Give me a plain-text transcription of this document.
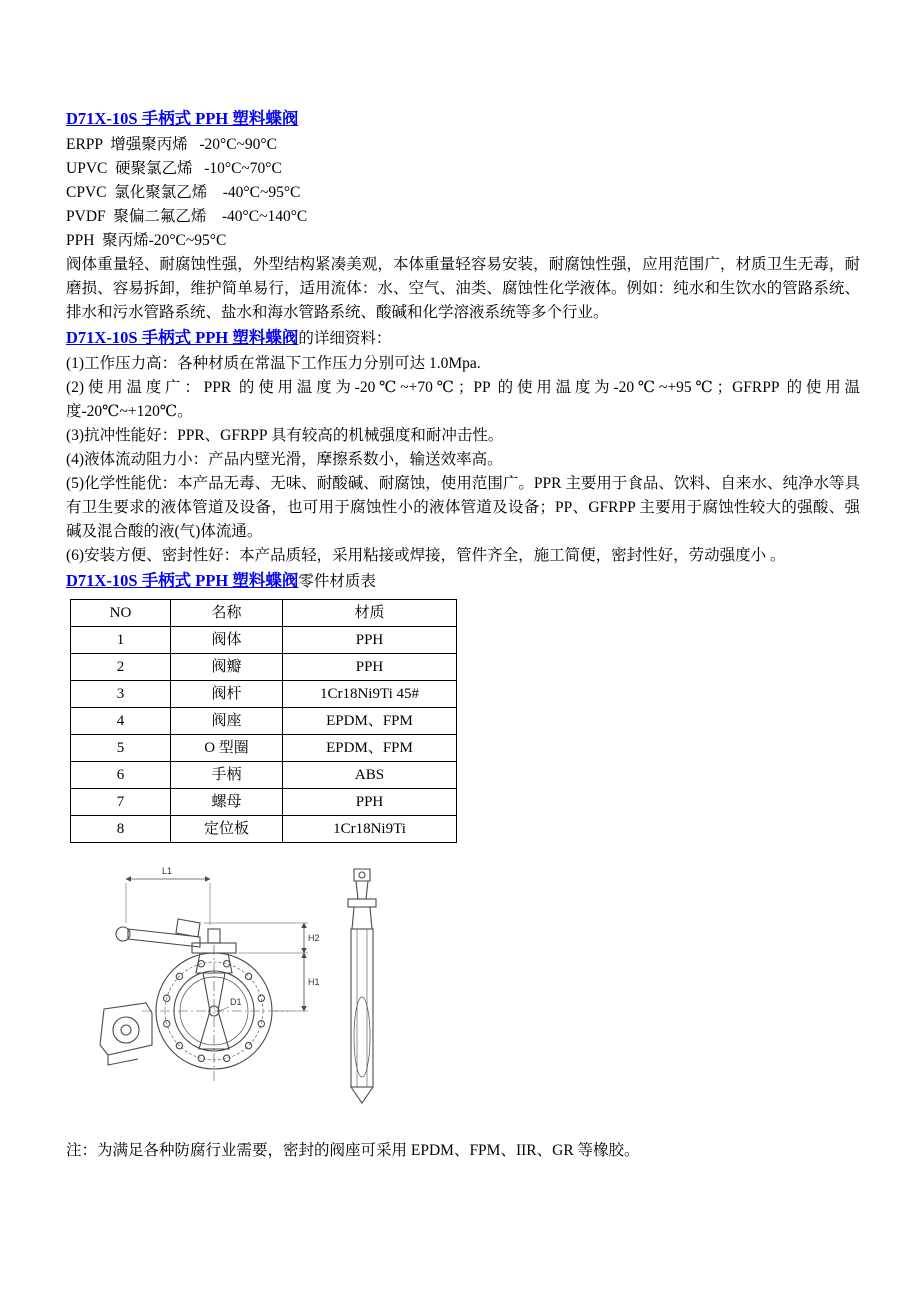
D71X-10S 手柄式 PPH 塑料蝶阀
ERPP  增强聚丙烯   -20°C~90°C
UPVC  硬聚氯乙烯   -10°C~70°C
CPVC  氯化聚氯乙烯    -40°C~95°C
PVDF  聚偏二氟乙烯    -40°C~140°C
PPH  聚丙烯-20°C~95°C

阀体重量轻、耐腐蚀性强，外型结构紧凑美观，本体重量轻容易安装，耐腐蚀性强，应用范围广，材质卫生无毒，耐磨损、容易拆卸，维护简单易行，适用流体：水、空气、油类、腐蚀性化学液体。例如：纯水和生饮水的管路系统、排水和污水管路系统、盐水和海水管路系统、酸碱和化学溶液系统等多个行业。

D71X-10S 手柄式 PPH 塑料蝶阀的详细资料：

(1)工作压力高：各种材质在常温下工作压力分别可达 1.0Mpa.

(2)使用温度广：PPR 的使用温度为-20℃~+70℃；PP 的使用温度为-20℃~+95℃；GFRPP 的使用温度-20℃~+120℃。

(3)抗冲性能好：PPR、GFRPP 具有较高的机械强度和耐冲击性。

(4)液体流动阻力小：产品内壁光滑，摩擦系数小，输送效率高。

(5)化学性能优：本产品无毒、无味、耐酸碱、耐腐蚀，使用范围广。PPR 主要用于食品、饮料、自来水、纯净水等具有卫生要求的液体管道及设备，也可用于腐蚀性小的液体管道及设备；PP、GFRPP 主要用于腐蚀性较大的强酸、强碱及混合酸的液(气)体流通。

(6)安装方便、密封性好：本产品质轻，采用粘接或焊接，管件齐全，施工简便，密封性好，劳动强度小 。

D71X-10S 手柄式 PPH 塑料蝶阀零件材质表
NO	名称	材质
1	阀体	PPH
2	阀瓣	PPH
3	阀杆	1Cr18Ni9Ti 45#
4	阀座	EPDM、FPM
5	O 型圈	EPDM、FPM
6	手柄	ABS
7	螺母	PPH
8	定位板	1Cr18Ni9Ti
L1
H2
H1
D1

注：为满足各种防腐行业需要，密封的阀座可采用 EPDM、FPM、IIR、GR 等橡胶。
